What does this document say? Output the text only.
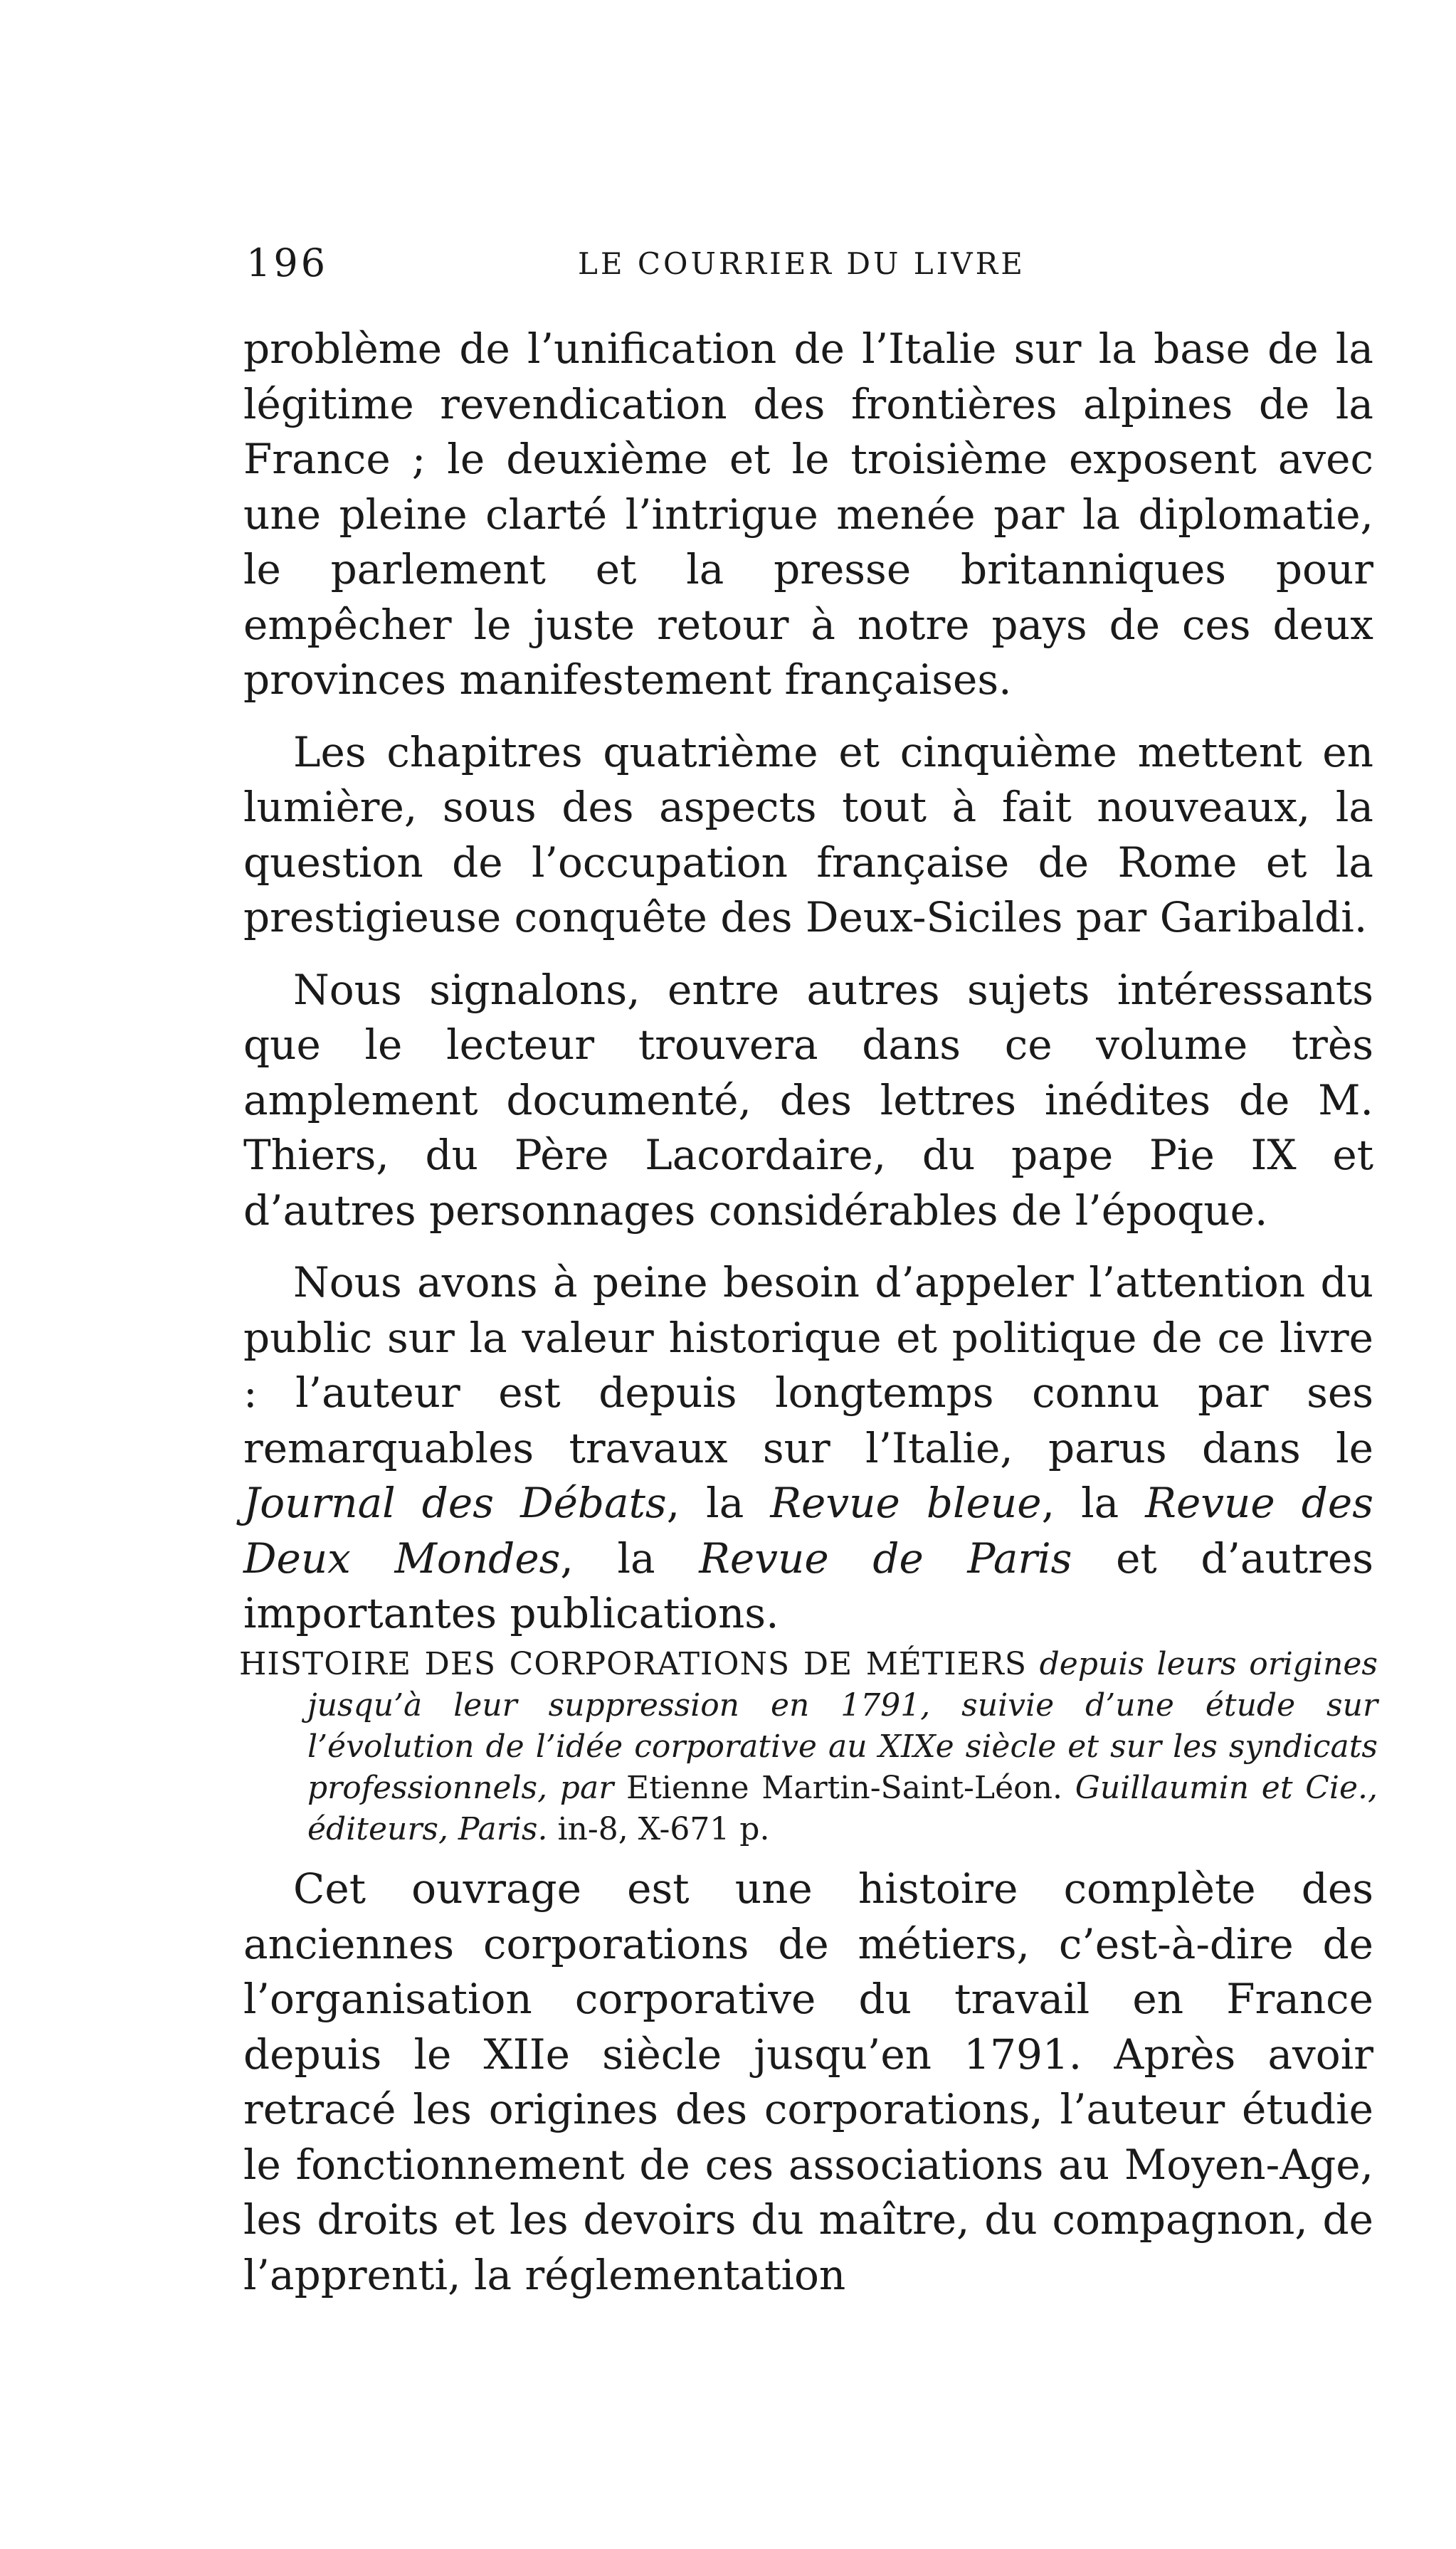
196	LE COURRIER DU LIVRE

problème de l’unification de l’Italie sur la base de la légitime revendication des frontières alpines de la France ; le deuxième et le troisième exposent avec une pleine clarté l’intrigue menée par la diplomatie, le parlement et la presse britanniques pour empêcher le juste retour à notre pays de ces deux provinces manifestement françaises.

Les chapitres quatrième et cinquième mettent en lumière, sous des aspects tout à fait nouveaux, la question de l’occupation française de Rome et la prestigieuse conquête des Deux-Siciles par Garibaldi.

Nous signalons, entre autres sujets intéressants que le lecteur trouvera dans ce volume très amplement documenté, des lettres inédites de M. Thiers, du Père Lacordaire, du pape Pie IX et d’autres personnages considérables de l’époque.

Nous avons à peine besoin d’appeler l’attention du public sur la valeur historique et politique de ce livre : l’auteur est depuis longtemps connu par ses remarquables travaux sur l’Italie, parus dans le Journal des Débats, la Revue bleue, la Revue des Deux Mondes, la Revue de Paris et d’autres importantes publications.

HISTOIRE DES CORPORATIONS DE MÉTIERS depuis leurs origines jusqu’à leur suppression en 1791, suivie d’une étude sur l’évolution de l’idée corporative au XIXe siècle et sur les syndicats professionnels, par Etienne Martin-Saint-Léon. Guillaumin et Cie., éditeurs, Paris. in-8, X-671 p.

Cet ouvrage est une histoire complète des anciennes corporations de métiers, c’est-à-dire de l’organisation corporative du travail en France depuis le XIIe siècle jusqu’en 1791. Après avoir retracé les origines des corporations, l’auteur étudie le fonctionnement de ces associations au Moyen-Age, les droits et les devoirs du maître, du compagnon, de l’apprenti, la réglementation
